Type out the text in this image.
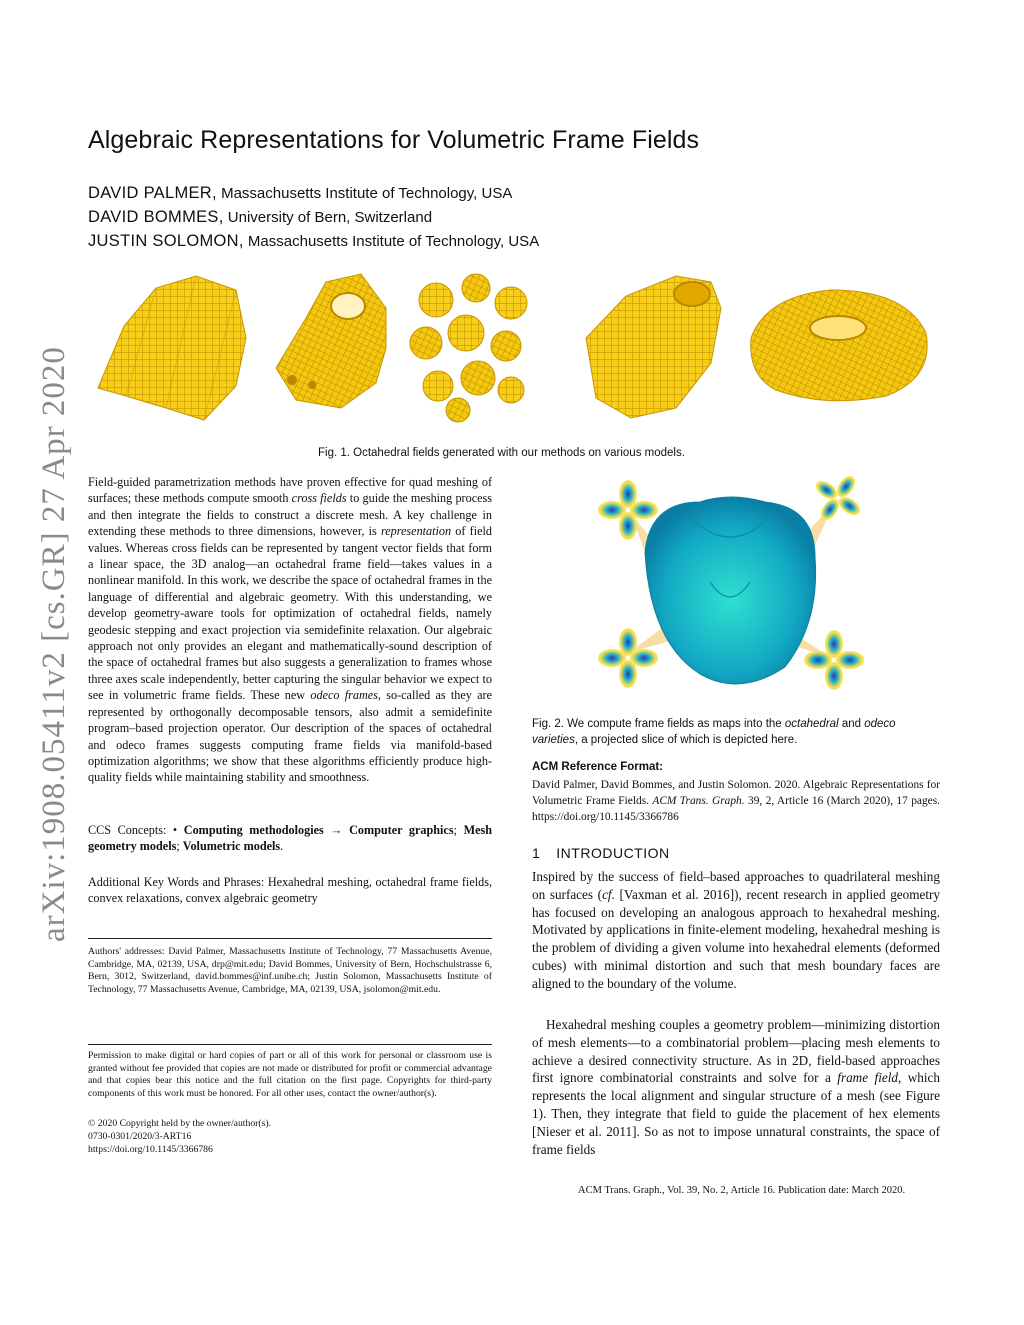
Algebraic Representations for Volumetric Frame Fields
DAVID PALMER, Massachusetts Institute of Technology, USA
DAVID BOMMES, University of Bern, Switzerland
JUSTIN SOLOMON, Massachusetts Institute of Technology, USA
arXiv:1908.05411v2 [cs.GR] 27 Apr 2020	Fig. 1. Octahedral fields generated with our methods on various models.
Field-guided parametrization methods have proven effective for quad meshing of surfaces; these methods compute smooth cross fields to guide the meshing process and then integrate the fields to construct a discrete mesh. A key challenge in extending these methods to three dimensions, however, is representation of field values. Whereas cross fields can be represented by tangent vector fields that form a linear space, the 3D analog—an octahedral frame field—takes values in a nonlinear manifold. In this work, we describe the space of octahedral frames in the language of differential and algebraic geometry. With this understanding, we develop geometry-aware tools for optimization of octahedral fields, namely geodesic stepping and exact projection via semidefinite relaxation. Our algebraic approach not only provides an elegant and mathematically-sound description of the space of octahedral frames but also suggests a generalization to frames whose three axes scale independently, better capturing the singular behavior we expect to see in volumetric frame fields. These new odeco frames, so-called as they are represented by orthogonally decomposable tensors, also admit a semidefinite program–based projection operator. Our description of the spaces of octahedral and odeco frames suggests computing frame fields via manifold-based optimization algorithms; we show that these algorithms efficiently produce high-quality fields while maintaining stability and smoothness.
CCS Concepts: • Computing methodologies → Computer graphics; Mesh geometry models; Volumetric models.
Additional Key Words and Phrases: Hexahedral meshing, octahedral frame fields, convex relaxations, convex algebraic geometry
Authors' addresses: David Palmer, Massachusetts Institute of Technology, 77 Massachusetts Avenue, Cambridge, MA, 02139, USA, drp@mit.edu; David Bommes, University of Bern, Hochschulstrasse 6, Bern, 3012, Switzerland, david.bommes@inf.unibe.ch; Justin Solomon, Massachusetts Institute of Technology, 77 Massachusetts Avenue, Cambridge, MA, 02139, USA, jsolomon@mit.edu.
Permission to make digital or hard copies of part or all of this work for personal or classroom use is granted without fee provided that copies are not made or distributed for profit or commercial advantage and that copies bear this notice and the full citation on the first page. Copyrights for third-party components of this work must be honored. For all other uses, contact the owner/author(s).
© 2020 Copyright held by the owner/author(s).
0730-0301/2020/3-ART16
https://doi.org/10.1145/3366786
Fig. 2. We compute frame fields as maps into the octahedral and odeco varieties, a projected slice of which is depicted here.
ACM Reference Format:
David Palmer, David Bommes, and Justin Solomon. 2020. Algebraic Representations for Volumetric Frame Fields. ACM Trans. Graph. 39, 2, Article 16 (March 2020), 17 pages. https://doi.org/10.1145/3366786
1 INTRODUCTION
Inspired by the success of field–based approaches to quadrilateral meshing on surfaces (cf. [Vaxman et al. 2016]), recent research in applied geometry has focused on developing an analogous approach to hexahedral meshing. Motivated by applications in finite-element modeling, hexahedral meshing is the problem of dividing a given volume into hexahedral elements (deformed cubes) with minimal distortion and such that mesh boundary faces are aligned to the boundary of the volume.
Hexahedral meshing couples a geometry problem—minimizing distortion of mesh elements—to a combinatorial problem—placing mesh elements to achieve a desired connectivity structure. As in 2D, field-based approaches first ignore combinatorial constraints and solve for a frame field, which represents the local alignment and singular structure of a mesh (see Figure 1). Then, they integrate that field to guide the placement of hex elements [Nieser et al. 2011]. So as not to impose unnatural constraints, the space of frame fields
ACM Trans. Graph., Vol. 39, No. 2, Article 16. Publication date: March 2020.
